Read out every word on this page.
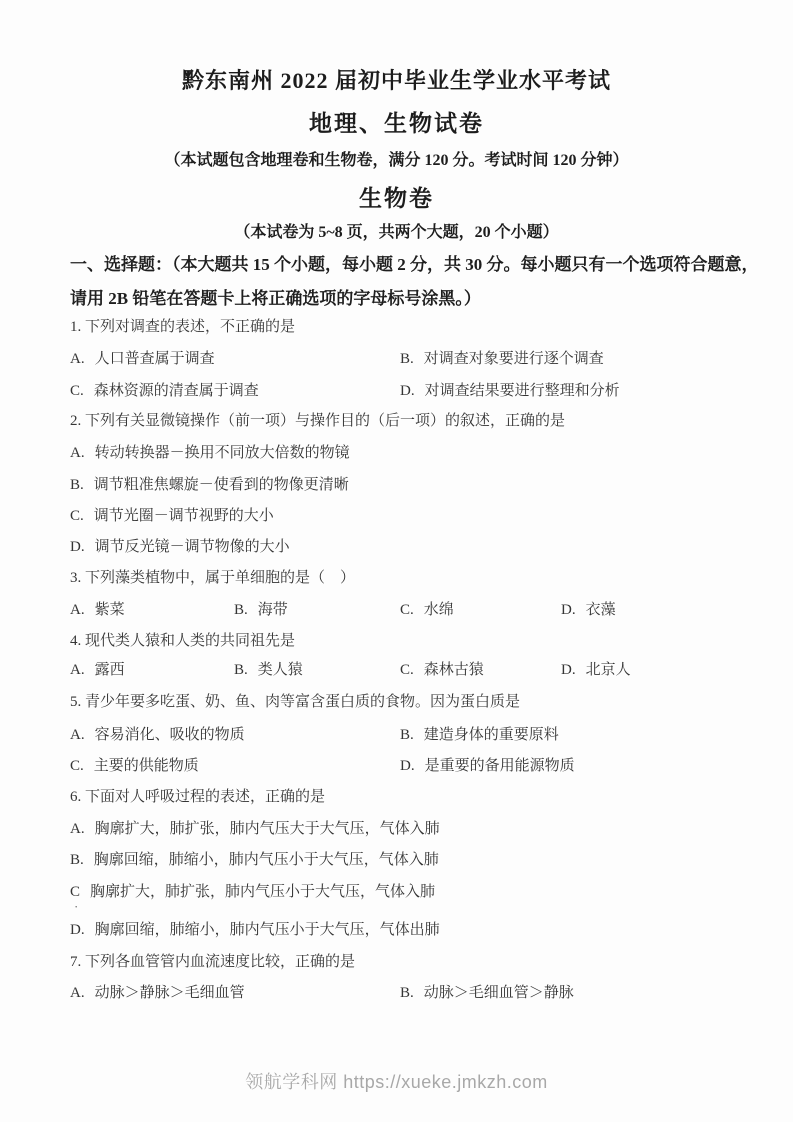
黔东南州 2022 届初中毕业生学业水平考试
地理、生物试卷
（本试题包含地理卷和生物卷，满分 120 分。考试时间 120 分钟）
生物卷
（本试卷为 5~8 页，共两个大题，20 个小题）
一、选择题：（本大题共 15 个小题，每小题 2 分，共 30 分。每小题只有一个选项符合题意，
请用 2B 铅笔在答题卡上将正确选项的字母标号涂黑。）
1. 下列对调查的表述，不正确的是
A. 人口普查属于调查	B. 对调查对象要进行逐个调查
C. 森林资源的清查属于调查	D. 对调查结果要进行整理和分析
2. 下列有关显微镜操作（前一项）与操作目的（后一项）的叙述，正确的是
A. 转动转换器－换用不同放大倍数的物镜
B. 调节粗准焦螺旋－使看到的物像更清晰
C. 调节光圈－调节视野的大小
D. 调节反光镜－调节物像的大小
3. 下列藻类植物中，属于单细胞的是（　）
A. 紫菜	B. 海带	C. 水绵	D. 衣藻
4. 现代类人猿和人类的共同祖先是
A. 露西	B. 类人猿	C. 森林古猿	D. 北京人
5. 青少年要多吃蛋、奶、鱼、肉等富含蛋白质的食物。因为蛋白质是
A. 容易消化、吸收的物质	B. 建造身体的重要原料
C. 主要的供能物质	D. 是重要的备用能源物质
6. 下面对人呼吸过程的表述，正确的是
A. 胸廓扩大，肺扩张，肺内气压大于大气压，气体入肺
B. 胸廓回缩，肺缩小，肺内气压小于大气压，气体入肺
C 胸廓扩大，肺扩张，肺内气压小于大气压，气体入肺
·
D. 胸廓回缩，肺缩小，肺内气压小于大气压，气体出肺
7. 下列各血管管内血流速度比较，正确的是
A. 动脉＞静脉＞毛细血管	B. 动脉＞毛细血管＞静脉
领航学科网 https://xueke.jmkzh.com
